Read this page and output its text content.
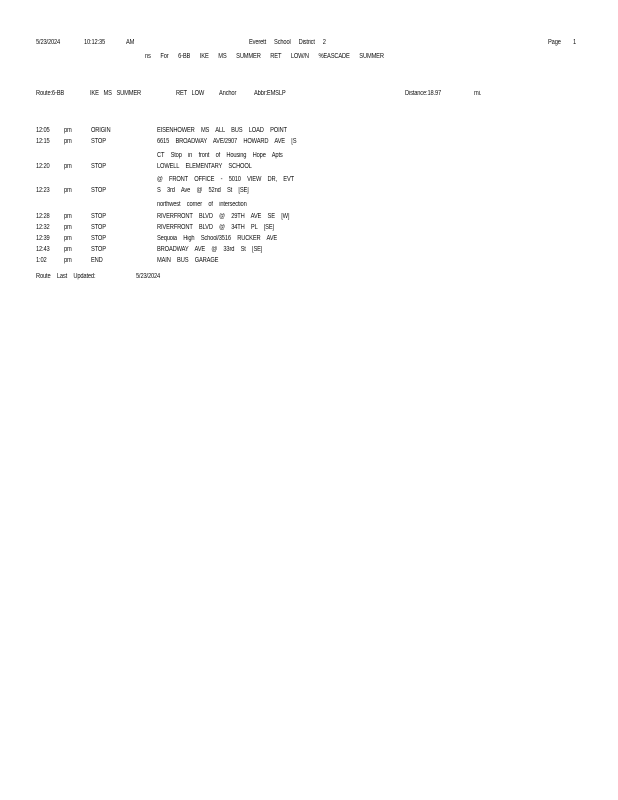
5/23/2024	10:12:35	AM	Everett School District 2	Page 1
ns For 6-BB IKE MS SUMMER RET LOW/N %EASCADE SUMMER
Route:6-BB	IKE MS SUMMER	RET LOW Anchor	Abbr:EMSLP	Distance:18.97	mi.
12:05 pm	ORIGIN	EISENHOWER MS ALL BUS LOAD POINT
12:15 pm	STOP	6615 BROADWAY AVE/2907 HOWARD AVE [S
CT Stop in front of Housing Hope Apts
12:20 pm	STOP	LOWELL ELEMENTARY SCHOOL
@ FRONT OFFICE - 5010 VIEW DR, EVT
12:23 pm	STOP	S 3rd Ave @ 52nd St [SE]
northwest corner of intersection
12:28 pm	STOP	RIVERFRONT BLVD @ 29TH AVE SE [W]
12:32 pm	STOP	RIVERFRONT BLVD @ 34TH PL [SE]
12:39 pm	STOP	Sequoia High School/3516 RUCKER AVE
12:43 pm	STOP	BROADWAY AVE @ 33rd St [SE]
1:02 pm	END	MAIN BUS GARAGE
Route Last Updated:	5/23/2024
